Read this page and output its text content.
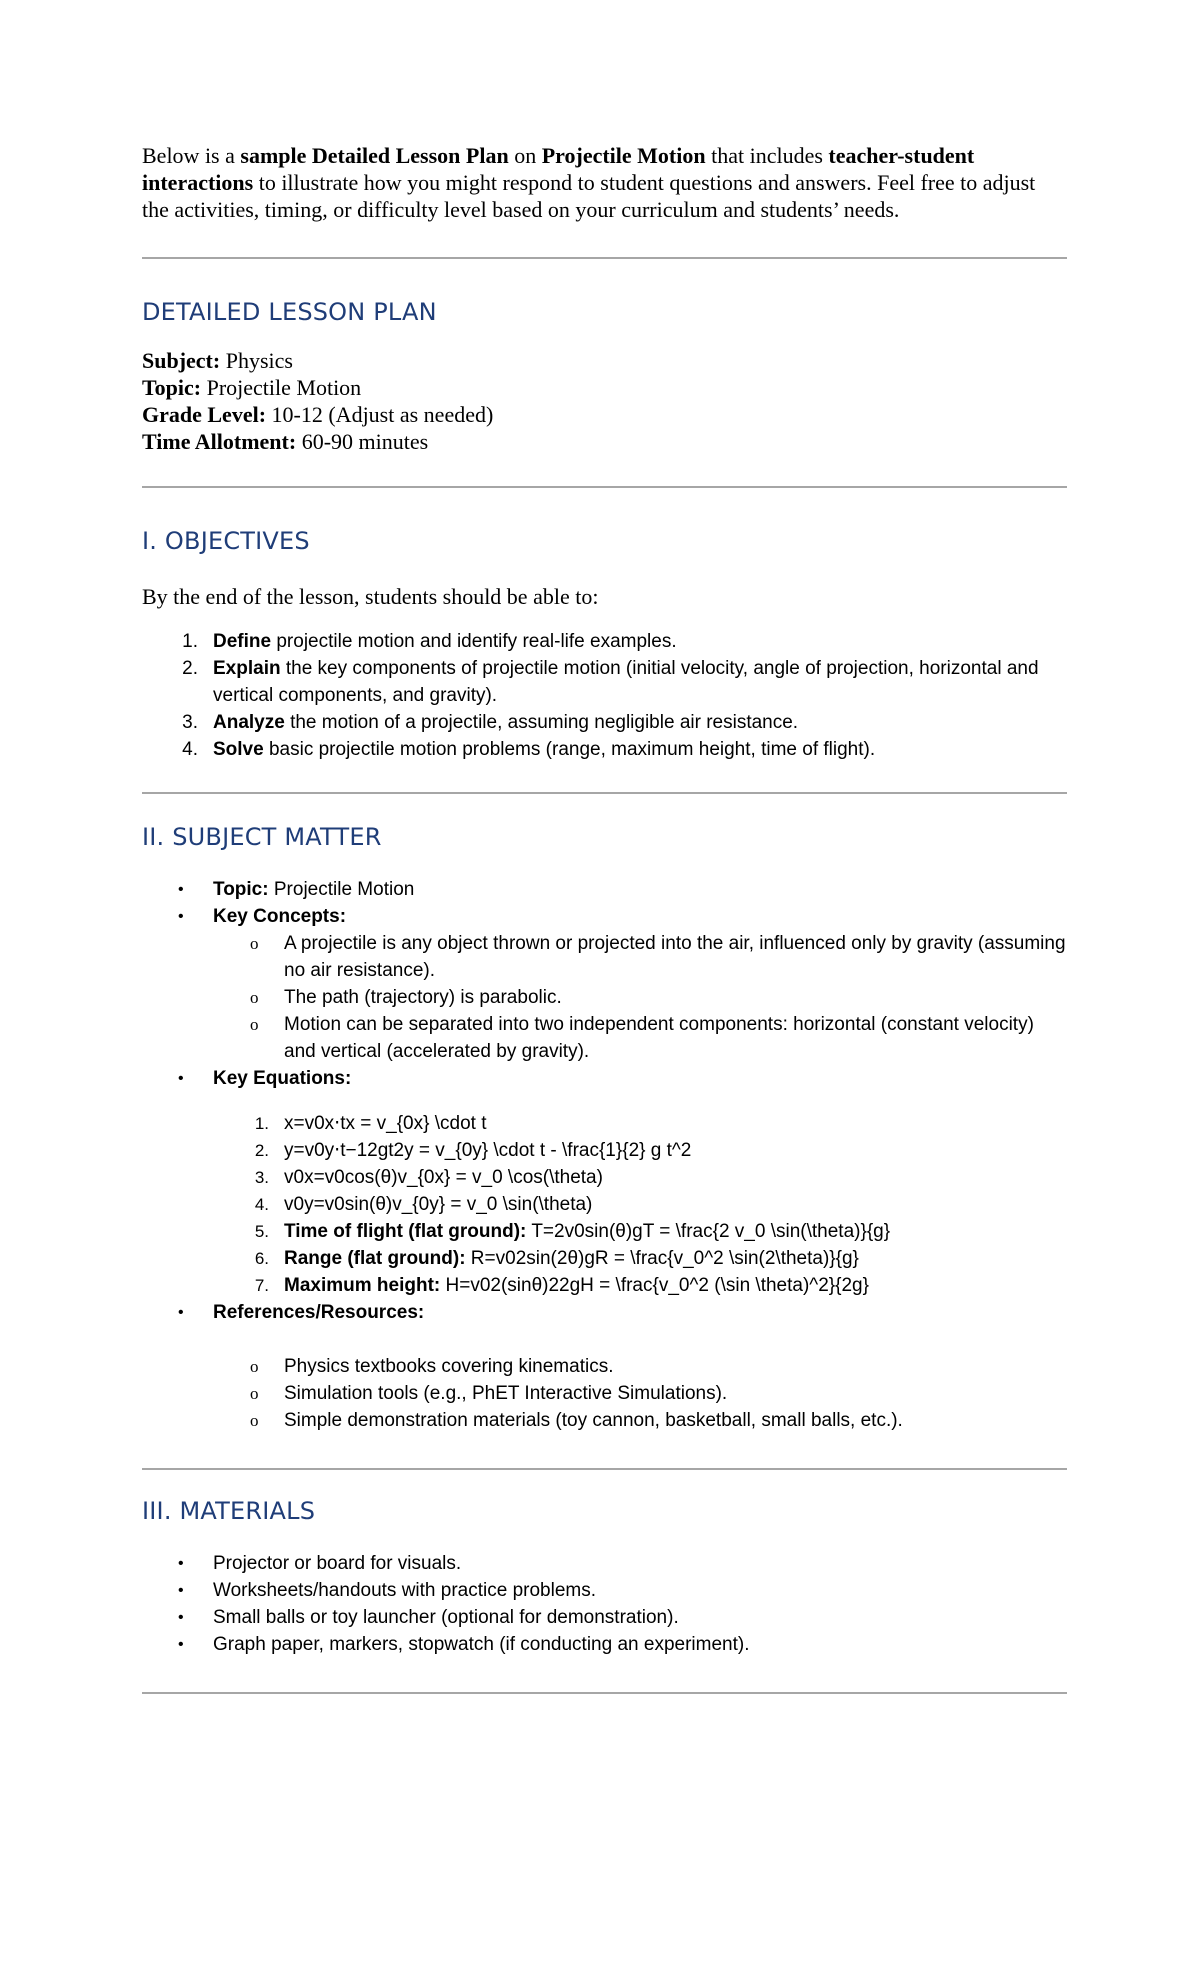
Below is a sample Detailed Lesson Plan on Projectile Motion that includes teacher-student interactions to illustrate how you might respond to student questions and answers. Feel free to adjust the activities, timing, or difficulty level based on your curriculum and students’ needs.

DETAILED LESSON PLAN
Subject: Physics
Topic: Projectile Motion
Grade Level: 10-12 (Adjust as needed)
Time Allotment: 60-90 minutes
I. OBJECTIVES
By the end of the lesson, students should be able to:
1. Define projectile motion and identify real-life examples.
2. Explain the key components of projectile motion (initial velocity, angle of projection, horizontal and vertical components, and gravity).
3. Analyze the motion of a projectile, assuming negligible air resistance.
4. Solve basic projectile motion problems (range, maximum height, time of flight).
II. SUBJECT MATTER
•	Topic: Projectile Motion
•	Key Concepts:
o	A projectile is any object thrown or projected into the air, influenced only by gravity (assuming no air resistance).
o	The path (trajectory) is parabolic.
o	Motion can be separated into two independent components: horizontal (constant velocity) and vertical (accelerated by gravity).
•	Key Equations:
1. x=v0x⋅tx = v_{0x} \cdot t
2. y=v0y⋅t−12gt2y = v_{0y} \cdot t - \frac{1}{2} g t^2
3. v0x=v0cos(θ)v_{0x} = v_0 \cos(\theta)
4. v0y=v0sin(θ)v_{0y} = v_0 \sin(\theta)
5. Time of flight (flat ground): T=2v0sin(θ)gT = \frac{2 v_0 \sin(\theta)}{g}
6. Range (flat ground): R=v02sin(2θ)gR = \frac{v_0^2 \sin(2\theta)}{g}
7. Maximum height: H=v02(sinθ)22gH = \frac{v_0^2 (\sin \theta)^2}{2g}
•	References/Resources:
o	Physics textbooks covering kinematics.
o	Simulation tools (e.g., PhET Interactive Simulations).
o	Simple demonstration materials (toy cannon, basketball, small balls, etc.).
III. MATERIALS
•	Projector or board for visuals.
•	Worksheets/handouts with practice problems.
•	Small balls or toy launcher (optional for demonstration).
•	Graph paper, markers, stopwatch (if conducting an experiment).
